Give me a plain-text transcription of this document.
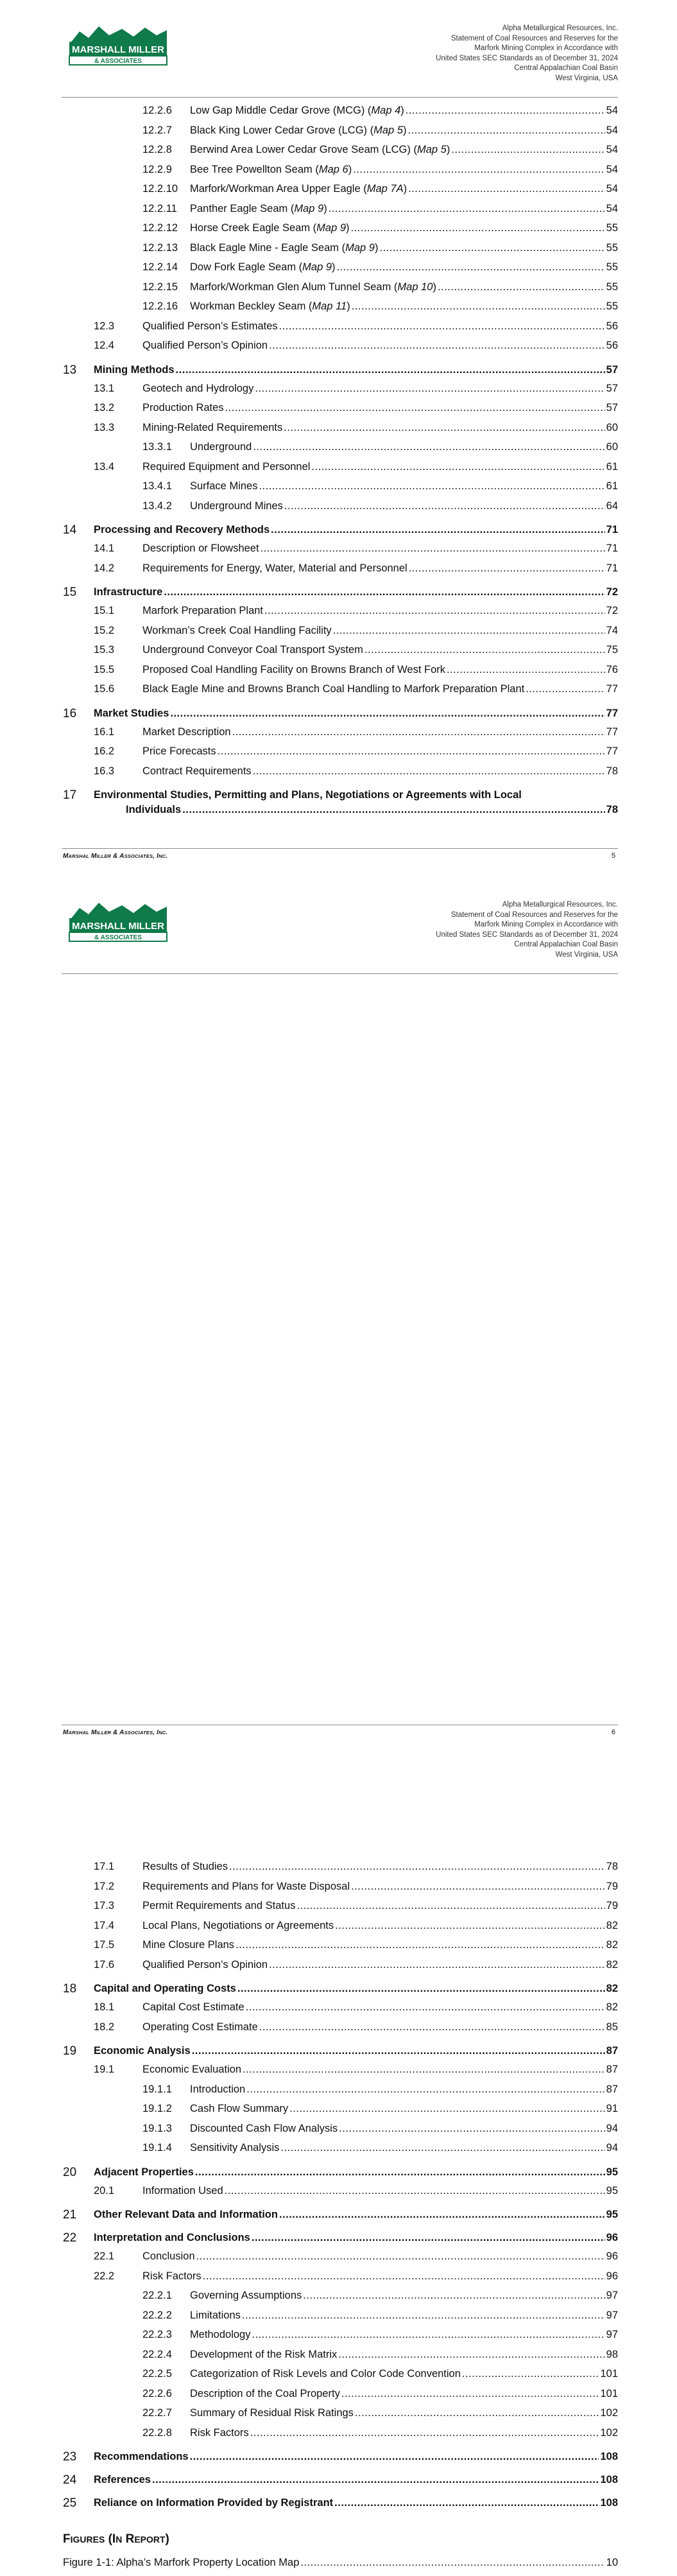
MARSHALL MILLER
& ASSOCIATES
Alpha Metallurgical Resources, Inc.
Statement of Coal Resources and Reserves for the
Marfork Mining Complex in Accordance with
United States SEC Standards as of December 31, 2024
Central Appalachian Coal Basin
West Virginia, USA
12.2.6 Low Gap Middle Cedar Grove (MCG) (Map 4) .....	54
12.2.7 Black King Lower Cedar Grove (LCG) (Map 5) .....	54
12.2.8 Berwind Area Lower Cedar Grove Seam (LCG) (Map 5) .....	54
12.2.9 Bee Tree Powellton Seam (Map 6) .....	54
12.2.10 Marfork/Workman Area Upper Eagle (Map 7A) .....	54
12.2.11 Panther Eagle Seam (Map 9) .....	54
12.2.12 Horse Creek Eagle Seam (Map 9) .....	55
12.2.13 Black Eagle Mine - Eagle Seam (Map 9) .....	55
12.2.14 Dow Fork Eagle Seam (Map 9) .....	55
12.2.15 Marfork/Workman Glen Alum Tunnel Seam (Map 10) .....	55
12.2.16 Workman Beckley Seam (Map 11) .....	55
12.3	Qualified Person’s Estimates .....	56
12.4	Qualified Person’s Opinion .....	56
13 Mining Methods .....	57
13.1	Geotech and Hydrology .....	57
13.2	Production Rates .....	57
13.3	Mining-Related Requirements .....	60
13.3.1 Underground .....	60
13.4	Required Equipment and Personnel .....	61
13.4.1 Surface Mines .....	61
13.4.2 Underground Mines .....	64
14 Processing and Recovery Methods .....	71
14.1	Description or Flowsheet .....	71
14.2	Requirements for Energy, Water, Material and Personnel .....	71
15 Infrastructure .....	72
15.1	Marfork Preparation Plant .....	72
15.2	Workman’s Creek Coal Handling Facility .....	74
15.3	Underground Conveyor Coal Transport System .....	75
15.5	Proposed Coal Handling Facility on Browns Branch of West Fork .....	76
15.6	Black Eagle Mine and Browns Branch Coal Handling to Marfork Preparation Plant .....	77
16 Market Studies .....	77
16.1	Market Description .....	77
16.2	Price Forecasts .....	77
16.3	Contract Requirements .....	78
17 Environmental Studies, Permitting and Plans, Negotiations or Agreements with Local
Individuals .....	78
MARSHAL MILLER & ASSOCIATES, INC.	5
MARSHALL MILLER
& ASSOCIATES
Alpha Metallurgical Resources, Inc.
Statement of Coal Resources and Reserves for the
Marfork Mining Complex in Accordance with
United States SEC Standards as of December 31, 2024
Central Appalachian Coal Basin
West Virginia, USA
17.1	Results of Studies .....	78
17.2	Requirements and Plans for Waste Disposal .....	79
17.3	Permit Requirements and Status .....	79
17.4	Local Plans, Negotiations or Agreements .....	82
17.5	Mine Closure Plans .....	82
17.6	Qualified Person’s Opinion .....	82
18 Capital and Operating Costs .....	82
18.1	Capital Cost Estimate .....	82
18.2	Operating Cost Estimate .....	85
19 Economic Analysis .....	87
19.1	Economic Evaluation .....	87
19.1.1 Introduction .....	87
19.1.2 Cash Flow Summary .....	91
19.1.3 Discounted Cash Flow Analysis .....	94
19.1.4 Sensitivity Analysis .....	94
20 Adjacent Properties .....	95
20.1	Information Used .....	95
21 Other Relevant Data and Information .....	95
22 Interpretation and Conclusions .....	96
22.1	Conclusion .....	96
22.2	Risk Factors .....	96
22.2.1 Governing Assumptions .....	97
22.2.2 Limitations .....	97
22.2.3 Methodology .....	97
22.2.4 Development of the Risk Matrix .....	98
22.2.5 Categorization of Risk Levels and Color Code Convention .....	101
22.2.6 Description of the Coal Property .....	101
22.2.7 Summary of Residual Risk Ratings .....	102
22.2.8 Risk Factors .....	102
23 Recommendations .....	108
24 References .....	108
25 Reliance on Information Provided by Registrant .....	108
FIGURES (IN REPORT)
Figure 1-1: Alpha’s Marfork Property Location Map .....	10
MARSHAL MILLER & ASSOCIATES, INC.	6
